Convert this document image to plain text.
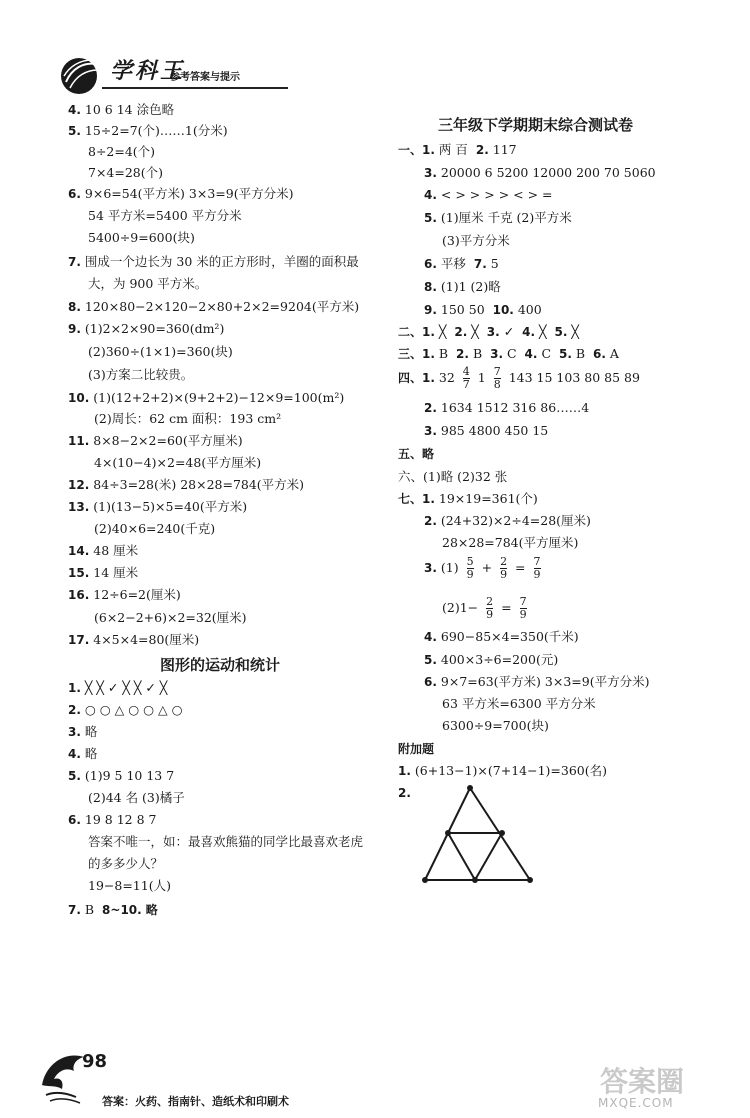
学科王
参考答案与提示
4. 10 6 14 涂色略
5. 15÷2=7(个)……1(分米)
8÷2=4(个)
7×4=28(个)
6. 9×6=54(平方米) 3×3=9(平方分米)
54 平方米=5400 平方分米
5400÷9=600(块)
7. 围成一个边长为 30 米的正方形时，羊圈的面积最
大，为 900 平方米。
8. 120×80−2×120−2×80+2×2=9204(平方米)
9. (1)2×2×90=360(dm²)
(2)360÷(1×1)=360(块)
(3)方案二比较贵。
10. (1)(12+2+2)×(9+2+2)−12×9=100(m²)
(2)周长：62 cm 面积：193 cm²
11. 8×8−2×2=60(平方厘米)
4×(10−4)×2=48(平方厘米)
12. 84÷3=28(米) 28×28=784(平方米)
13. (1)(13−5)×5=40(平方米)
(2)40×6=240(千克)
14. 48 厘米
15. 14 厘米
16. 12÷6=2(厘米)
(6×2−2+6)×2=32(厘米)
17. 4×5×4=80(厘米)
图形的运动和统计
1. ╳ ╳ ✓ ╳ ╳ ✓ ╳
2. ○ ○ △ ○ ○ △ ○
3. 略
4. 略
5. (1)9 5 10 13 7
(2)44 名 (3)橘子
6. 19 8 12 8 7
答案不唯一，如：最喜欢熊猫的同学比最喜欢老虎
的多多少人？
19−8=11(人)
7. B 8~10. 略
三年级下学期期末综合测试卷
一、1. 两 百 2. 117
3. 20000 6 5200 12000 200 70 5060
4. < > > > > < > =
5. (1)厘米 千克 (2)平方米
(3)平方分米
6. 平移 7. 5
8. (1)1 (2)略
9. 150 50 10. 400
二、1. ╳ 2. ╳ 3. ✓ 4. ╳ 5. ╳
三、1. B 2. B 3. C 4. C 5. B 6. A
四、1. $32 \frac{4}{7} 1 \frac{7}{8} 143$ 15 103 80 85 89
2. 1634 1512 316 86……4
3. 985 4800 450 15
五、略
六、(1)略 (2)32 张
七、1. 19×19=361(个)
2. (24+32)×2÷4=28(厘米)
28×28=784(平方厘米)
3. $(1) \frac{5}{9} + \frac{2}{9} = \frac{7}{9}$
$(2)1- \frac{2}{9} = \frac{7}{9}$
4. 690−85×4=350(千米)
5. 400×3÷6=200(元)
6. 9×7=63(平方米) 3×3=9(平方分米)
63 平方米=6300 平方分米
6300÷9=700(块)
附加题
1. (6+13−1)×(7+14−1)=360(名)
2.
98
答案：火药、指南针、造纸术和印刷术
答案圈
MXQE.COM
